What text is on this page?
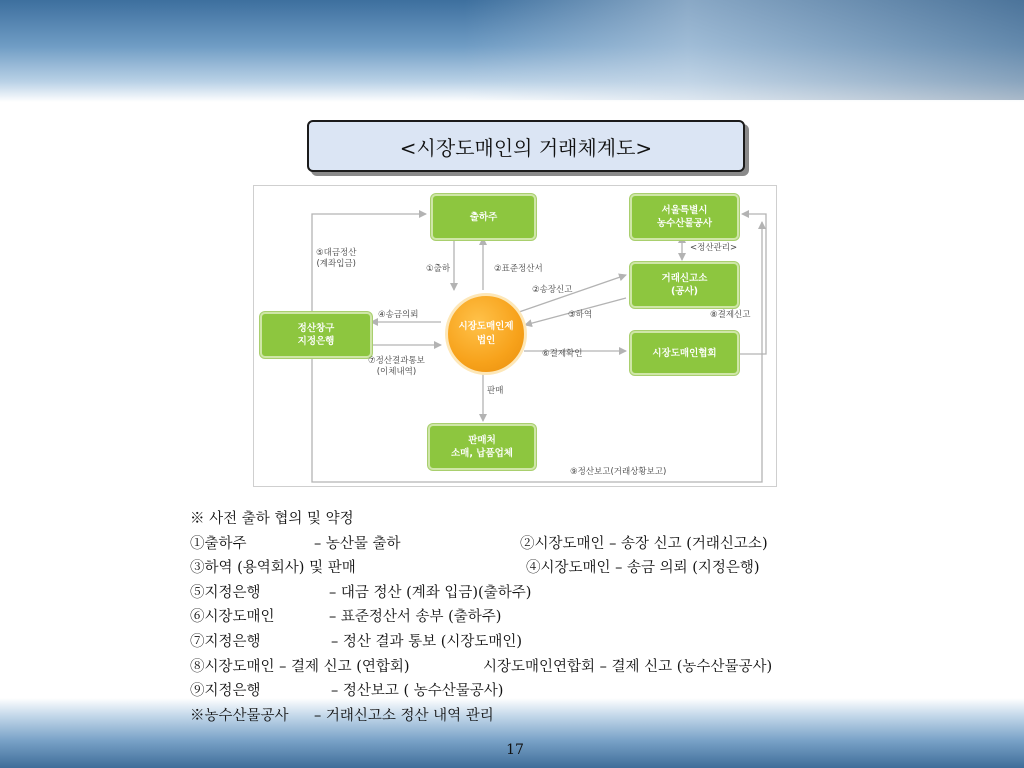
<시장도매인의 거래체계도>
출하주
서울특별시
농수산물공사
거래신고소
(공사)
시장도매인협회
정산창구
지정은행
시장도매인제
법인
판매처
소매, 납품업체
⑤대금정산
(계좌입금)	①출하	②표준정산서
<정산관리>
②송장신고
③하역	⑧결제신고
④송금의뢰
⑦정산결과통보
(이체내역)
⑥결제확인
판매
⑨정산보고(거래상황보고)
※ 사전 출하 협의 및 약정
①출하주	– 농산물 출하	②시장도매인 – 송장 신고 (거래신고소)
③하역 (용역회사) 및 판매	④시장도매인 – 송금 의뢰 (지정은행)
⑤지정은행	– 대금 정산 (계좌 입금)(출하주)
⑥시장도매인	– 표준정산서 송부 (출하주)
⑦지정은행	– 정산 결과 통보 (시장도매인)
⑧시장도매인 – 결제 신고 (연합회)	시장도매인연합회 – 결제 신고 (농수산물공사)
⑨지정은행	– 정산보고 ( 농수산물공사)
※농수산물공사 – 거래신고소 정산 내역 관리
17
